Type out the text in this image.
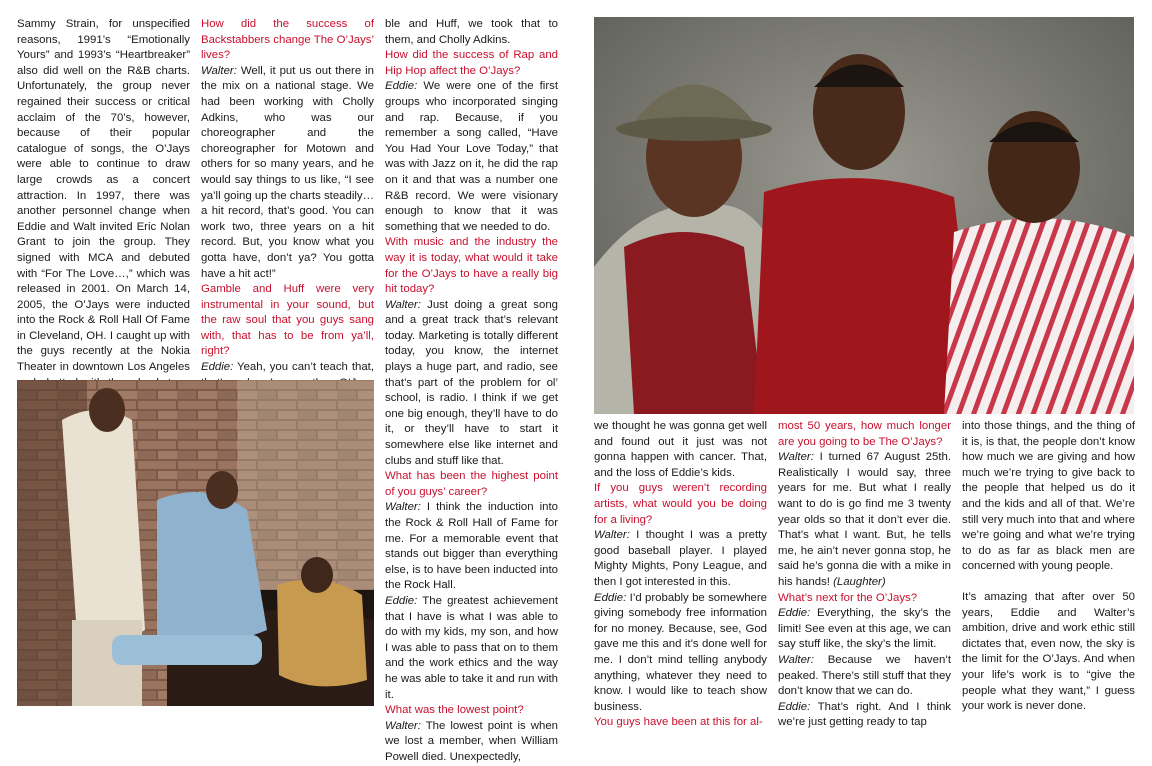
Sammy Strain, for unspecified reasons, 1991’s “Emotionally Yours” and 1993’s “Heartbreaker” also did well on the R&B charts. Unfortunately, the group never regained their success or critical acclaim of the 70’s, however, because of their popular catalogue of songs, the O’Jays were able to continue to draw large crowds as a concert attraction. In 1997, there was another personnel change when Eddie and Walt invited Eric Nolan Grant to join the group. They signed with MCA and debuted with “For The Love…,” which was released in 2001. On March 14, 2005, the O’Jays were inducted into the Rock & Roll Hall Of Fame in Cleveland, OH. I caught up with the guys recently at the Nokia Theater in downtown Los Angeles

How did the success of Backstabbers change The O’Jays’ lives?

Walter: Well, it put us out there in the mix on a national stage. We had been working with Cholly Adkins, who was our choreographer and the choreographer for Motown and others for so many years, and he would say things to us like, “I see ya’ll going up the charts steadily… a hit record, that’s good. You can work two, three years on a hit record. But, you know what you gotta have, don’t ya? You gotta have a hit act!”

Gamble and Huff were very instrumental in your sound, but the raw soul that you guys sang with, that has to be from ya’ll, right?

Eddie: Yeah, you can’t teach that,

ble and Huff, we took that to them, and Cholly Adkins.

How did the success of Rap and Hip Hop affect the O’Jays?

Eddie: We were one of the first groups who incorporated singing and rap. Because, if you remember a song called, “Have You Had Your Love Today,” that was with Jazz on it, he did the rap on it and that was a number one R&B record. We were visionary enough to know that it was something that we needed to do.

With music and the industry the way it is today, what would it take for the O’Jays to have a really big hit today?

Walter: Just doing a great song and a great track that’s relevant today. Marketing is totally different today, you know, the internet plays a huge part, and radio, see that’s part of the problem for ol’ school, is radio. I think if we get one big enough, they’ll have to do it, or they’ll have to start it somewhere else like internet and clubs and stuff like that.

What has been the highest point of you guys’ career?

Walter: I think the induction into the Rock & Roll Hall of Fame for me. For a memorable event that stands out bigger than everything else, is to have been inducted into the Rock Hall.

Eddie: The greatest achievement that I have is what I was able to do with my kids, my son, and how I was able to pass that on to them and the work ethics and the way he was able to take it and run with it.

What was the lowest point?

Walter: The lowest point is when we lost a member, when William Powell died. Unexpectedly,

we thought he was gonna get well and found out it just was not gonna happen with cancer. That, and the loss of Eddie’s kids.

If you guys weren’t recording artists, what would you be doing for a living?

Walter: I thought I was a pretty good baseball player. I played Mighty Mights, Pony League, and then I got interested in this.

Eddie: I’d probably be somewhere giving somebody free information for no money. Because, see, God gave me this and it’s done well for me. I don’t mind telling anybody anything, whatever they need to know. I would like to teach show business.

You guys have been at this for al-

most 50 years, how much longer are you going to be The O’Jays?

Walter: I turned 67 August 25th. Realistically I would say, three years for me. But what I really want to do is go find me 3 twenty year olds so that it don’t ever die. That’s what I want. But, he tells me, he ain’t never gonna stop, he said he’s gonna die with a mike in his hands! (Laughter)

What’s next for the O’Jays?

Eddie: Everything, the sky’s the limit! See even at this age, we can say stuff like, the sky’s the limit.

Walter: Because we haven’t peaked. There’s still stuff that they don’t know that we can do.

Eddie: That’s right. And I think we’re just getting ready to tap

into those things, and the thing of it is, is that, the people don’t know how much we are giving and how much we’re trying to give back to the people that helped us do it and the kids and all of that. We’re still very much into that and where we’re going and what we’re trying to do as far as black men are concerned with young people.

It’s amazing that after over 50 years, Eddie and Walter’s ambition, drive and work ethic still dictates that, even now, the sky is the limit for the O’Jays. And when your life’s work is to “give the people what they want,” I guess your work is never done.
